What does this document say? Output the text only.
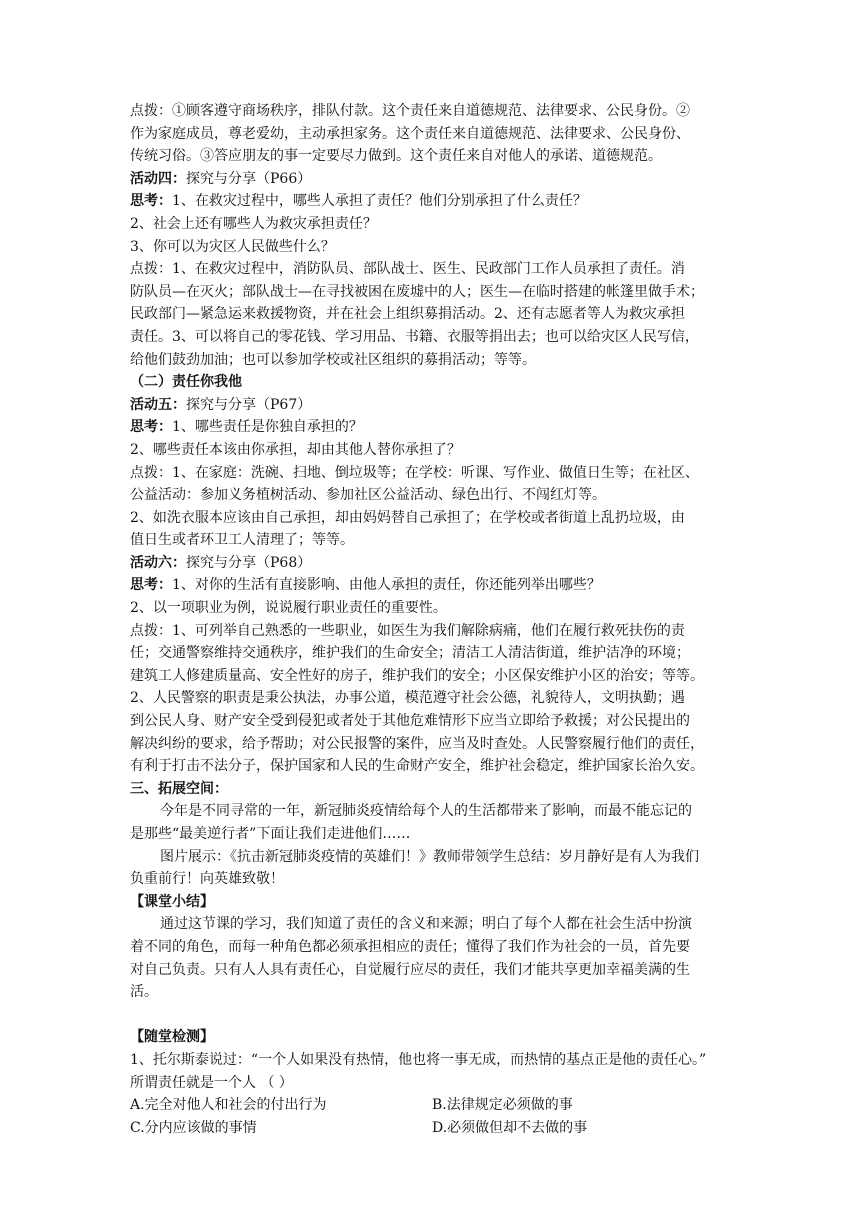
点拨：①顾客遵守商场秩序，排队付款。这个责任来自道德规范、法律要求、公民身份。②
作为家庭成员，尊老爱幼，主动承担家务。这个责任来自道德规范、法律要求、公民身份、
传统习俗。③答应朋友的事一定要尽力做到。这个责任来自对他人的承诺、道德规范。
活动四：探究与分享（P66）
思考：1、在救灾过程中，哪些人承担了责任？他们分别承担了什么责任？
2、社会上还有哪些人为救灾承担责任？
3、你可以为灾区人民做些什么？
点拨：1、在救灾过程中，消防队员、部队战士、医生、民政部门工作人员承担了责任。消
防队员—在灭火；部队战士—在寻找被困在废墟中的人；医生—在临时搭建的帐篷里做手术；
民政部门—紧急运来救援物资，并在社会上组织募捐活动。2、还有志愿者等人为救灾承担
责任。3、可以将自己的零花钱、学习用品、书籍、衣服等捐出去；也可以给灾区人民写信，
给他们鼓劲加油；也可以参加学校或社区组织的募捐活动；等等。
（二）责任你我他
活动五：探究与分享（P67）
思考：1、哪些责任是你独自承担的？
2、哪些责任本该由你承担，却由其他人替你承担了？
点拨：1、在家庭：洗碗、扫地、倒垃圾等；在学校：听课、写作业、做值日生等；在社区、
公益活动：参加义务植树活动、参加社区公益活动、绿色出行、不闯红灯等。
2、如洗衣服本应该由自己承担，却由妈妈替自己承担了；在学校或者街道上乱扔垃圾，由
值日生或者环卫工人清理了；等等。
活动六：探究与分享（P68）
思考：1、对你的生活有直接影响、由他人承担的责任，你还能列举出哪些？
2、以一项职业为例，说说履行职业责任的重要性。
点拨：1、可列举自己熟悉的一些职业，如医生为我们解除病痛，他们在履行救死扶伤的责
任；交通警察维持交通秩序，维护我们的生命安全；清洁工人清洁街道，维护洁净的环境；
建筑工人修建质量高、安全性好的房子，维护我们的安全；小区保安维护小区的治安；等等。
2、人民警察的职责是秉公执法，办事公道，模范遵守社会公德，礼貌待人，文明执勤；遇
到公民人身、财产安全受到侵犯或者处于其他危难情形下应当立即给予救援；对公民提出的
解决纠纷的要求，给予帮助；对公民报警的案件，应当及时查处。人民警察履行他们的责任，
有利于打击不法分子，保护国家和人民的生命财产安全，维护社会稳定，维护国家长治久安。
三、拓展空间：
今年是不同寻常的一年，新冠肺炎疫情给每个人的生活都带来了影响，而最不能忘记的
是那些“最美逆行者”下面让我们走进他们……
图片展示：《抗击新冠肺炎疫情的英雄们！》教师带领学生总结：岁月静好是有人为我们
负重前行！向英雄致敬！
【课堂小结】
通过这节课的学习，我们知道了责任的含义和来源；明白了每个人都在社会生活中扮演
着不同的角色，而每一种角色都必须承担相应的责任；懂得了我们作为社会的一员，首先要
对自己负责。只有人人具有责任心，自觉履行应尽的责任，我们才能共享更加幸福美满的生
活。
【随堂检测】
1、托尔斯泰说过：“一个人如果没有热情，他也将一事无成，而热情的基点正是他的责任心。”
所谓责任就是一个人 （ ）
A.完全对他人和社会的付出行为	B.法律规定必须做的事
C.分内应该做的事情	D.必须做但却不去做的事
